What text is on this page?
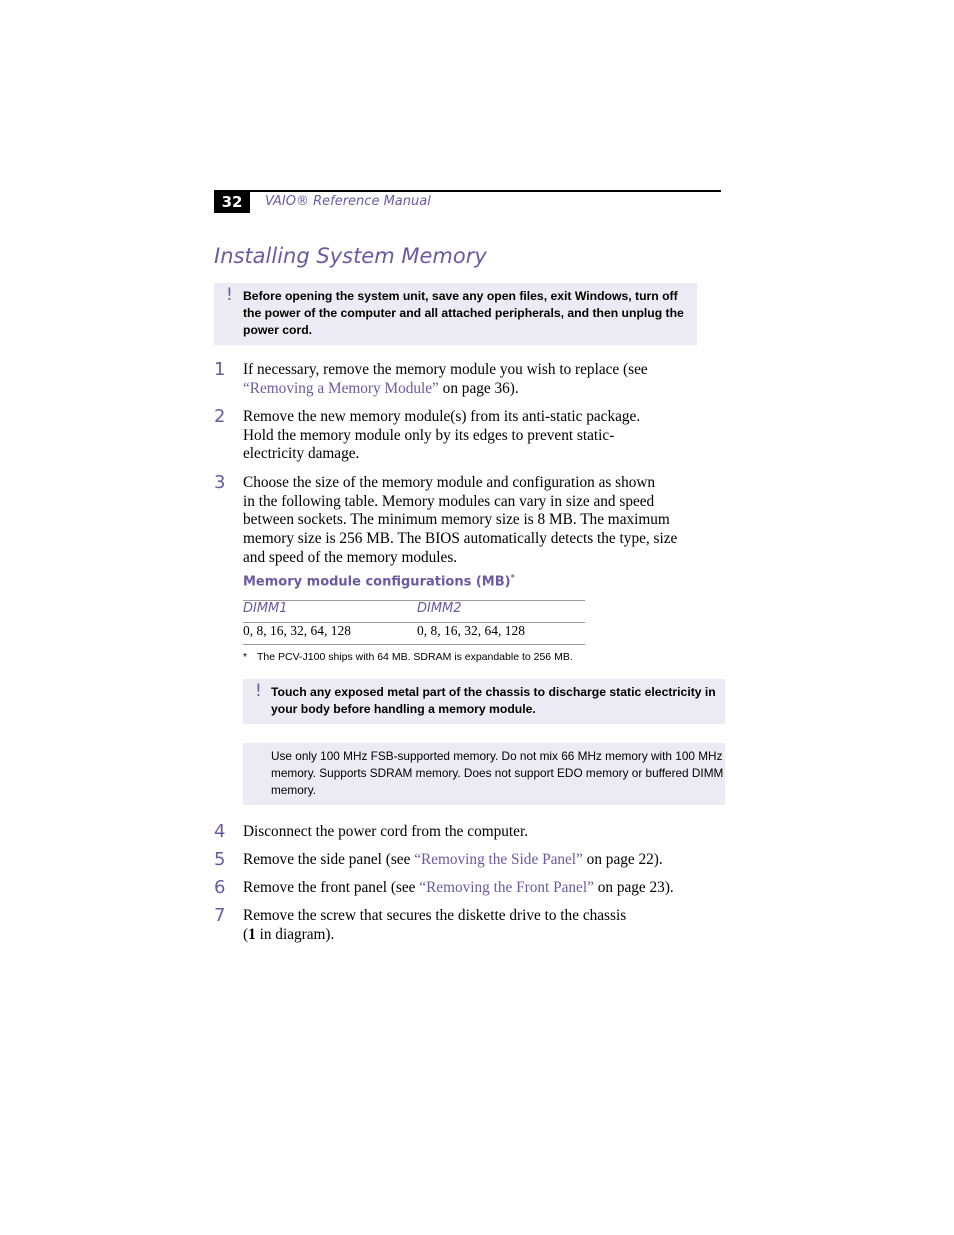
32	VAIO® Reference Manual
Installing System Memory
! Before opening the system unit, save any open files, exit Windows, turn off
the power of the computer and all attached peripherals, and then unplug the
power cord.
1 If necessary, remove the memory module you wish to replace (see
“Removing a Memory Module” on page 36).
2 Remove the new memory module(s) from its anti-static package.
Hold the memory module only by its edges to prevent static-
electricity damage.
3 Choose the size of the memory module and configuration as shown
in the following table. Memory modules can vary in size and speed
between sockets. The minimum memory size is 8 MB. The maximum
memory size is 256 MB. The BIOS automatically detects the type, size
and speed of the memory modules.
Memory module configurations (MB)*
DIMM1	DIMM2
0, 8, 16, 32, 64, 128	0, 8, 16, 32, 64, 128
* The PCV-J100 ships with 64 MB. SDRAM is expandable to 256 MB.
! Touch any exposed metal part of the chassis to discharge static electricity in
your body before handling a memory module.
Use only 100 MHz FSB-supported memory. Do not mix 66 MHz memory with 100 MHz
memory. Supports SDRAM memory. Does not support EDO memory or buffered DIMM
memory.
4 Disconnect the power cord from the computer.
5 Remove the side panel (see “Removing the Side Panel” on page 22).
6 Remove the front panel (see “Removing the Front Panel” on page 23).
7 Remove the screw that secures the diskette drive to the chassis
(1 in diagram).
